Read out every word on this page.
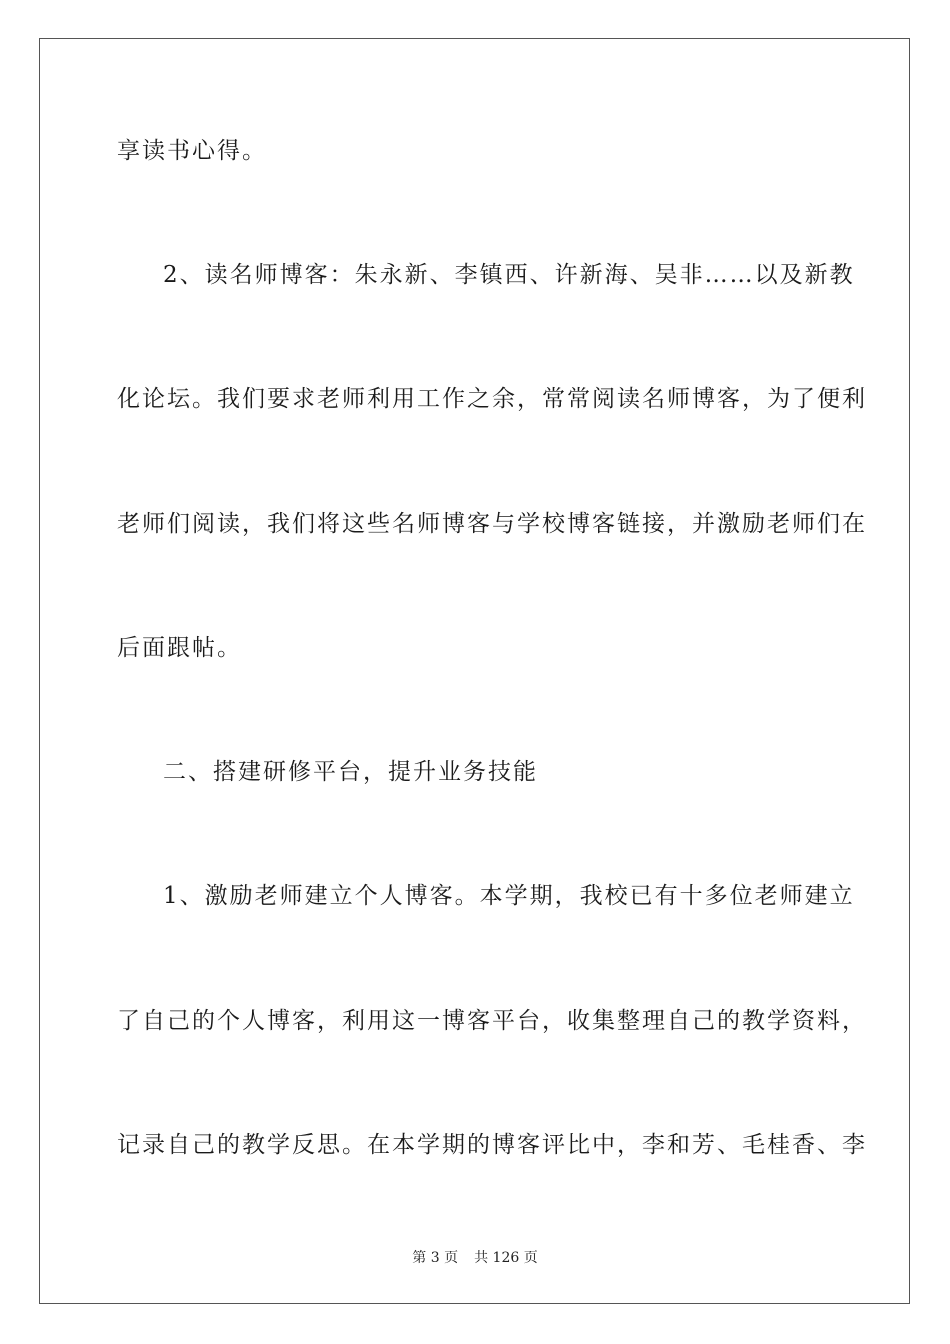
享读书心得。
2、读名师博客：朱永新、李镇西、许新海、吴非……以及新教
化论坛。我们要求老师利用工作之余，常常阅读名师博客，为了便利
老师们阅读，我们将这些名师博客与学校博客链接，并激励老师们在
后面跟帖。
二、搭建研修平台，提升业务技能
1、激励老师建立个人博客。本学期，我校已有十多位老师建立
了自己的个人博客，利用这一博客平台，收集整理自己的教学资料，
记录自己的教学反思。在本学期的博客评比中，李和芳、毛桂香、李
第 3 页 共 126 页
